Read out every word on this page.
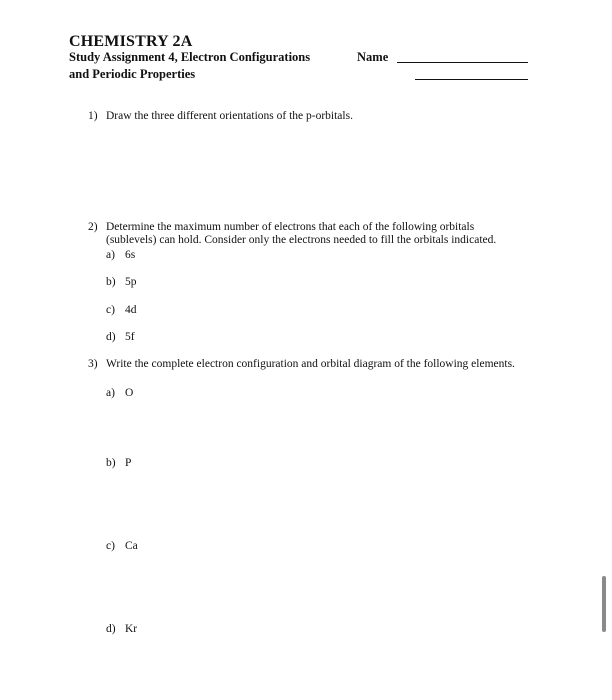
CHEMISTRY 2A
Study Assignment 4, Electron Configurations
and Periodic Properties
Name
1) Draw the three different orientations of the p-orbitals.
2) Determine the maximum number of electrons that each of the following orbitals
(sublevels) can hold. Consider only the electrons needed to fill the orbitals indicated.
a) 6s
b) 5p
c) 4d
d) 5f
3) Write the complete electron configuration and orbital diagram of the following elements.
a) O
b) P
c) Ca
d) Kr
